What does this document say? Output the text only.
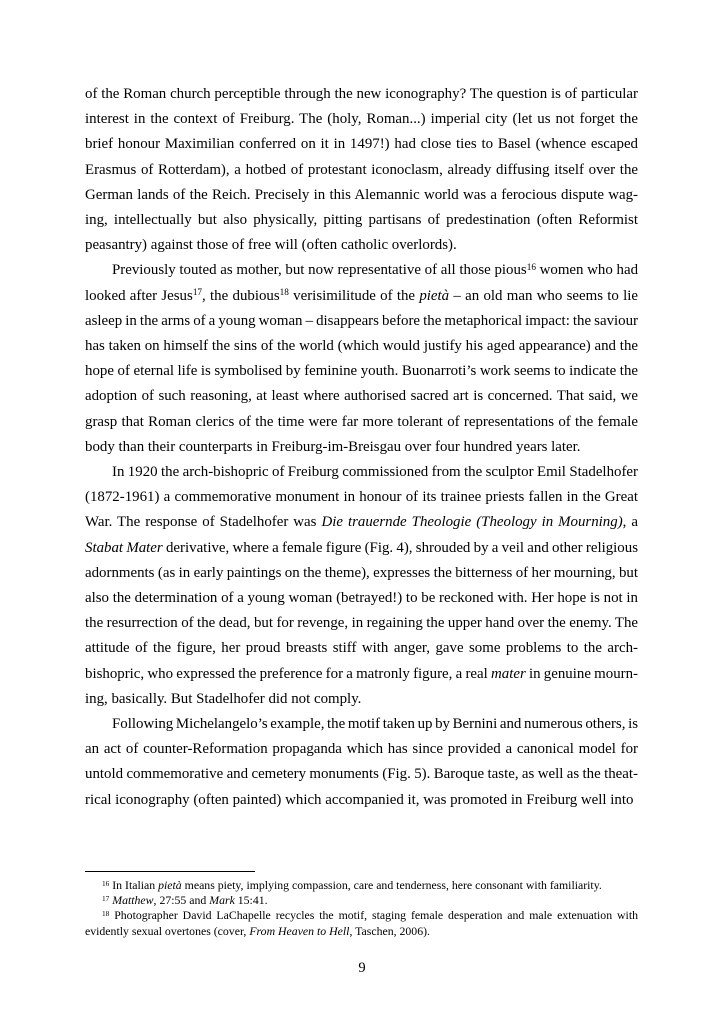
of the Roman church perceptible through the new iconography? The question is of particular
interest in the context of Freiburg. The (holy, Roman...) imperial city (let us not forget the
brief honour Maximilian conferred on it in 1497!) had close ties to Basel (whence escaped
Erasmus of Rotterdam), a hotbed of protestant iconoclasm, already diffusing itself over the
German lands of the Reich. Precisely in this Alemannic world was a ferocious dispute wag-
ing, intellectually but also physically, pitting partisans of predestination (often Reformist
peasantry) against those of free will (often catholic overlords).
Previously touted as mother, but now representative of all those pious$^{16}$ women who had
looked after Jesus$^{17}$, the dubious$^{18}$ verisimilitude of the pietà – an old man who seems to lie
asleep in the arms of a young woman – disappears before the metaphorical impact: the saviour
has taken on himself the sins of the world (which would justify his aged appearance) and the
hope of eternal life is symbolised by feminine youth. Buonarroti’s work seems to indicate the
adoption of such reasoning, at least where authorised sacred art is concerned. That said, we
grasp that Roman clerics of the time were far more tolerant of representations of the female
body than their counterparts in Freiburg-im-Breisgau over four hundred years later.
In 1920 the arch-bishopric of Freiburg commissioned from the sculptor Emil Stadelhofer
(1872-1961) a commemorative monument in honour of its trainee priests fallen in the Great
War. The response of Stadelhofer was Die trauernde Theologie (Theology in Mourning), a
Stabat Mater derivative, where a female figure (Fig. 4), shrouded by a veil and other religious
adornments (as in early paintings on the theme), expresses the bitterness of her mourning, but
also the determination of a young woman (betrayed!) to be reckoned with. Her hope is not in
the resurrection of the dead, but for revenge, in regaining the upper hand over the enemy. The
attitude of the figure, her proud breasts stiff with anger, gave some problems to the arch-
bishopric, who expressed the preference for a matronly figure, a real mater in genuine mourn-
ing, basically. But Stadelhofer did not comply.
Following Michelangelo’s example, the motif taken up by Bernini and numerous others, is
an act of counter-Reformation propaganda which has since provided a canonical model for
untold commemorative and cemetery monuments (Fig. 5). Baroque taste, as well as the theat-
rical iconography (often painted) which accompanied it, was promoted in Freiburg well into
$^{16}$ In Italian pietà means piety, implying compassion, care and tenderness, here consonant with familiarity.
$^{17}$ Matthew, 27:55 and Mark 15:41.
$^{18}$ Photographer David LaChapelle recycles the motif, staging female desperation and male extenuation with
evidently sexual overtones (cover, From Heaven to Hell, Taschen, 2006).
9
